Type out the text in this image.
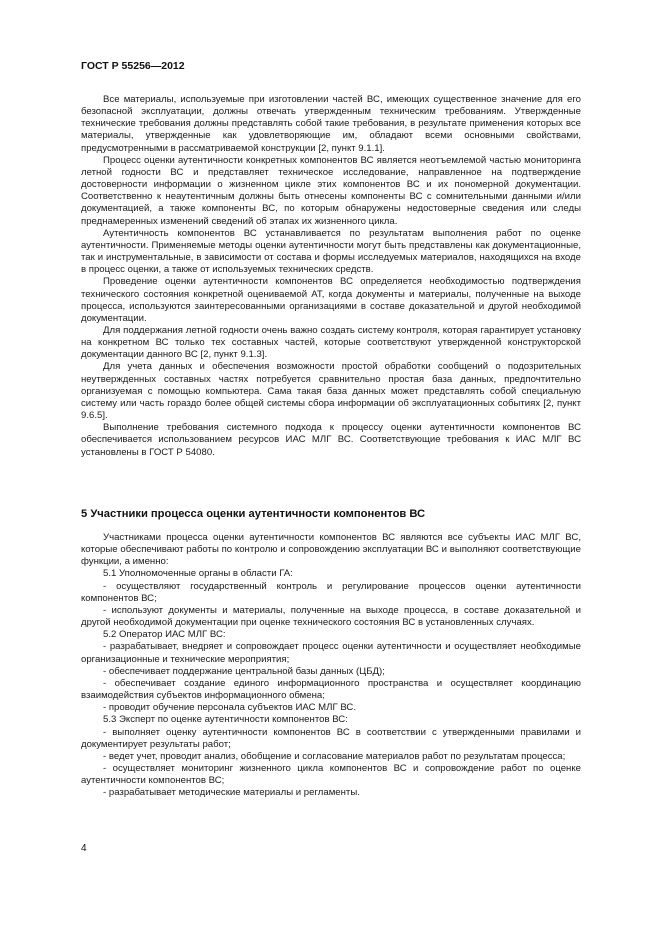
ГОСТ Р 55256—2012

Все материалы, используемые при изготовлении частей ВС, имеющих существенное значение для его безопасной эксплуатации, должны отвечать утвержденным техническим требованиям. Утвержденные технические требования должны представлять собой такие требования, в результате применения которых все материалы, утвержденные как удовлетворяющие им, обладают всеми основными свойствами, предусмотренными в рассматриваемой конструкции [2, пункт 9.1.1].

Процесс оценки аутентичности конкретных компонентов ВС является неотъемлемой частью мониторинга летной годности ВС и представляет техническое исследование, направленное на подтверждение достоверности информации о жизненном цикле этих компонентов ВС и их пономерной документации. Соответственно к неаутентичным должны быть отнесены компоненты ВС с сомнительными данными и/или документацией, а также компоненты ВС, по которым обнаружены недостоверные сведения или следы преднамеренных изменений сведений об этапах их жизненного цикла.

Аутентичность компонентов ВС устанавливается по результатам выполнения работ по оценке аутентичности. Применяемые методы оценки аутентичности могут быть представлены как документационные, так и инструментальные, в зависимости от состава и формы исследуемых материалов, находящихся на входе в процесс оценки, а также от используемых технических средств.

Проведение оценки аутентичности компонентов ВС определяется необходимостью подтверждения технического состояния конкретной оцениваемой АТ, когда документы и материалы, полученные на выходе процесса, используются заинтересованными организациями в составе доказательной и другой необходимой документации.

Для поддержания летной годности очень важно создать систему контроля, которая гарантирует установку на конкретном ВС только тех составных частей, которые соответствуют утвержденной конструкторской документации данного ВС [2, пункт 9.1.3].

Для учета данных и обеспечения возможности простой обработки сообщений о подозрительных неутвержденных составных частях потребуется сравнительно простая база данных, предпочтительно организуемая с помощью компьютера. Сама такая база данных может представлять собой специальную систему или часть гораздо более общей системы сбора информации об эксплуатационных событиях [2, пункт 9.6.5].

Выполнение требования системного подхода к процессу оценки аутентичности компонентов ВС обеспечивается использованием ресурсов ИАС МЛГ ВС. Соответствующие требования к ИАС МЛГ ВС установлены в ГОСТ Р 54080.

5 Участники процесса оценки аутентичности компонентов ВС

Участниками процесса оценки аутентичности компонентов ВС являются все субъекты ИАС МЛГ ВС, которые обеспечивают работы по контролю и сопровождению эксплуатации ВС и выполняют соответствующие функции, а именно:

5.1 Уполномоченные органы в области ГА:

- осуществляют государственный контроль и регулирование процессов оценки аутентичности компонентов ВС;

- используют документы и материалы, полученные на выходе процесса, в составе доказательной и другой необходимой документации при оценке технического состояния ВС в установленных случаях.

5.2 Оператор ИАС МЛГ ВС:

- разрабатывает, внедряет и сопровождает процесс оценки аутентичности и осуществляет необходимые организационные и технические мероприятия;

- обеспечивает поддержание центральной базы данных (ЦБД);

- обеспечивает создание единого информационного пространства и осуществляет координацию взаимодействия субъектов информационного обмена;

- проводит обучение персонала субъектов ИАС МЛГ ВС.

5.3 Эксперт по оценке аутентичности компонентов ВС:

- выполняет оценку аутентичности компонентов ВС в соответствии с утвержденными правилами и документирует результаты работ;

- ведет учет, проводит анализ, обобщение и согласование материалов работ по результатам процесса;

- осуществляет мониторинг жизненного цикла компонентов ВС и сопровождение работ по оценке аутентичности компонентов ВС;

- разрабатывает методические материалы и регламенты.

4
